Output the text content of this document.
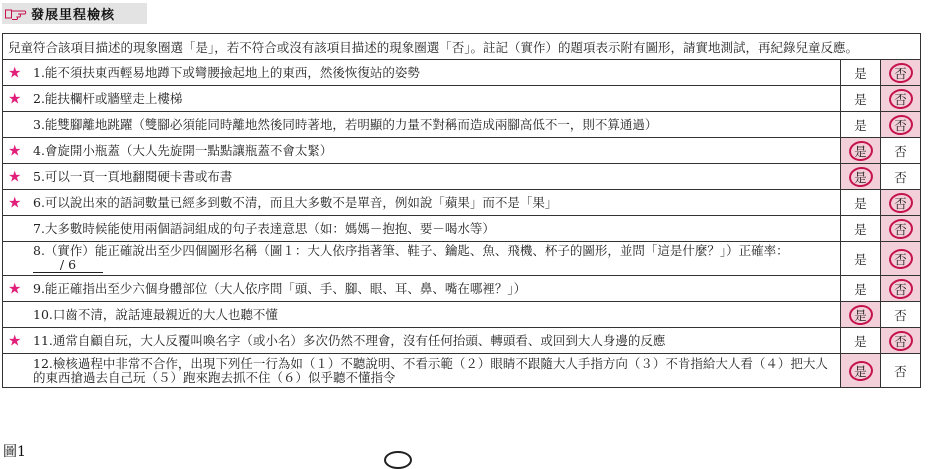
發展里程檢核
兒童符合該項目描述的現象圈選「是」，若不符合或沒有該項目描述的現象圈選「否」。註記（實作）的題項表示附有圖形，請實地測試，再紀錄兒童反應。		

★ 1.能不須扶東西輕易地蹲下或彎腰撿起地上的東西，然後恢復站的姿勢	是	否

★ 2.能扶欄杆或牆壁走上樓梯	是	否

3.能雙腳離地跳躍（雙腳必須能同時離地然後同時著地，若明顯的力量不對稱而造成兩腳高低不一，則不算通過）	是	否

★ 4.會旋開小瓶蓋（大人先旋開一點點讓瓶蓋不會太緊）	是	否

★ 5.可以一頁一頁地翻閱硬卡書或布書	是	否

★ 6.可以說出來的語詞數量已經多到數不清，而且大多數不是單音，例如說「蘋果」而不是「果」	是	否

7.大多數時候能使用兩個語詞組成的句子表達意思（如：媽媽－抱抱、要－喝水等）	是	否

8.（實作）能正確說出至少四個圖形名稱（圖１：大人依序指著筆、鞋子、鑰匙、魚、飛機、杯子的圖形，並問「這是什麼？」）正確率：/ 6	是	否

★ 9.能正確指出至少六個身體部位（大人依序問「頭、手、腳、眼、耳、鼻、嘴在哪裡？」）	是	否

10.口齒不清，說話連最親近的大人也聽不懂	是	否

★ 11.通常自顧自玩，大人反覆叫喚名字（或小名）多次仍然不理會，沒有任何抬頭、轉頭看、或回到大人身邊的反應	是	否

12.檢核過程中非常不合作，出現下列任一行為如（１）不聽說明、不看示範（２）眼睛不跟隨大人手指方向（３）不肯指給大人看（４）把大人的東西搶過去自己玩（５）跑來跑去抓不住（６）似乎聽不懂指令	是	否
圖1
